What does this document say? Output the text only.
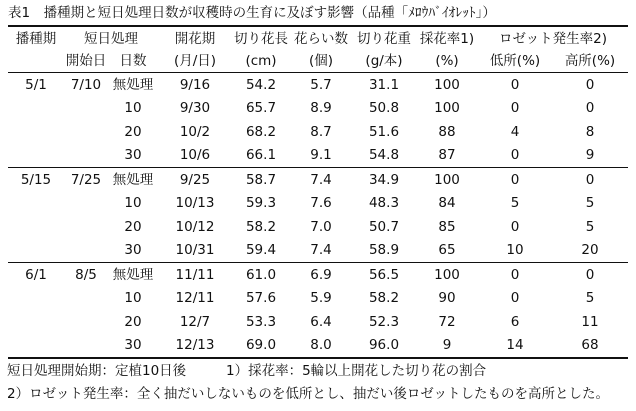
表1　播種期と短日処理日数が収穫時の生育に及ぼす影響（品種「ﾒﾛｳﾊﾞｲｵﾚｯﾄ」）
播種期	短日処理		開花期	切り花長	花らい数	切り花重	採花率1)	ロゼット発生率2)	
	開始日	日数	(月/日)	(cm)	(個)	(g/本)	(%)	低所(%)	高所(%)
5/1	7/10	無処理	9/16	54.2	5.7	31.1	100	0	0
		10	9/30	65.7	8.9	50.8	100	0	0
		20	10/2	68.2	8.7	51.6	88	4	8
		30	10/6	66.1	9.1	54.8	87	0	9
5/15	7/25	無処理	9/25	58.7	7.4	34.9	100	0	0
		10	10/13	59.3	7.6	48.3	84	5	5
		20	10/12	58.2	7.0	50.7	85	0	5
		30	10/31	59.4	7.4	58.9	65	10	20
6/1	8/5	無処理	11/11	61.0	6.9	56.5	100	0	0
		10	12/11	57.6	5.9	58.2	90	0	5
		20	12/7	53.3	6.4	52.3	72	6	11
		30	12/13	69.0	8.0	96.0	9	14	68
短日処理開始期：定植10日後	1）採花率：5輪以上開花した切り花の割合
2）ロゼット発生率：全く抽だいしないものを低所とし、抽だい後ロゼットしたものを高所とした。
